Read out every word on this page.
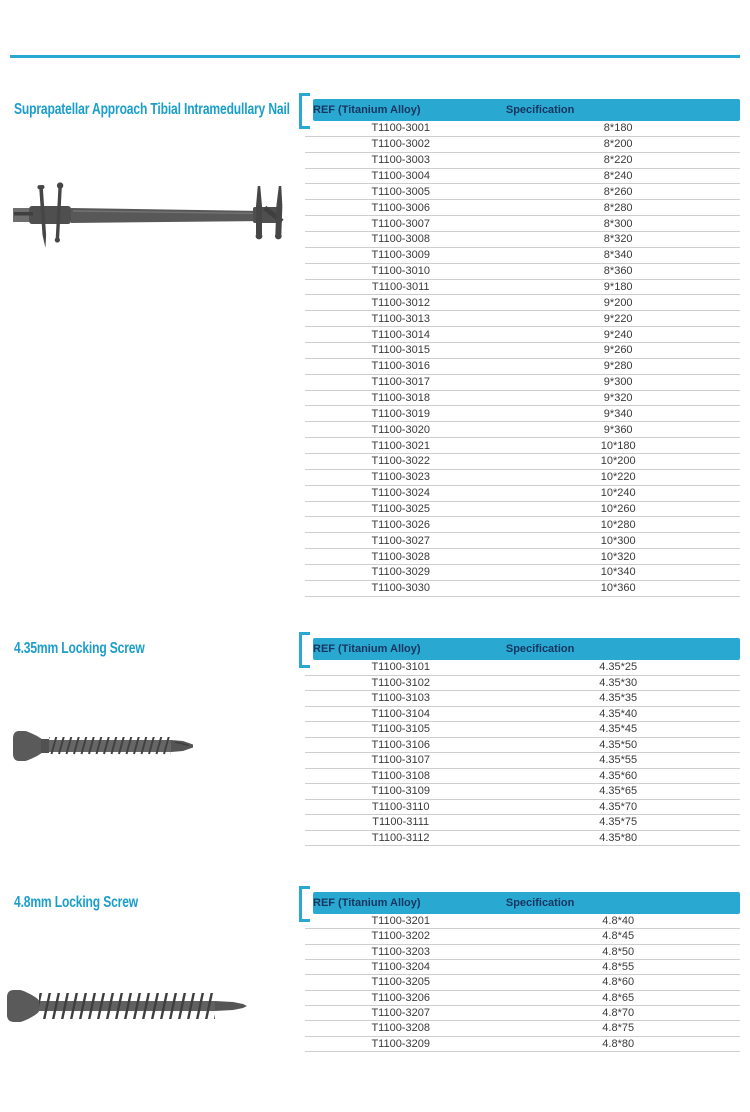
Suprapatellar Approach Tibial Intramedullary Nail REF (Titanium Alloy)	Specification
T1100-3001	8*180
T1100-3002	8*200
T1100-3003	8*220
T1100-3004	8*240
T1100-3005	8*260
T1100-3006	8*280
T1100-3007	8*300
T1100-3008	8*320
T1100-3009	8*340
T1100-3010	8*360
T1100-3011	9*180
T1100-3012	9*200
T1100-3013	9*220
T1100-3014	9*240
T1100-3015	9*260
T1100-3016	9*280
T1100-3017	9*300
T1100-3018	9*320
T1100-3019	9*340
T1100-3020	9*360
T1100-3021	10*180
T1100-3022	10*200
T1100-3023	10*220
T1100-3024	10*240
T1100-3025	10*260
T1100-3026	10*280
T1100-3027	10*300
T1100-3028	10*320
T1100-3029	10*340
T1100-3030	10*360
4.35mm Locking Screw	REF (Titanium Alloy)	Specification
T1100-3101	4.35*25
T1100-3102	4.35*30
T1100-3103	4.35*35
T1100-3104	4.35*40
T1100-3105	4.35*45
T1100-3106	4.35*50
T1100-3107	4.35*55
T1100-3108	4.35*60
T1100-3109	4.35*65
T1100-3110	4.35*70
T1100-3111	4.35*75
T1100-3112	4.35*80
4.8mm Locking Screw	REF (Titanium Alloy)	Specification
T1100-3201	4.8*40
T1100-3202	4.8*45
T1100-3203	4.8*50
T1100-3204	4.8*55
T1100-3205	4.8*60
T1100-3206	4.8*65
T1100-3207	4.8*70
T1100-3208	4.8*75
T1100-3209	4.8*80
